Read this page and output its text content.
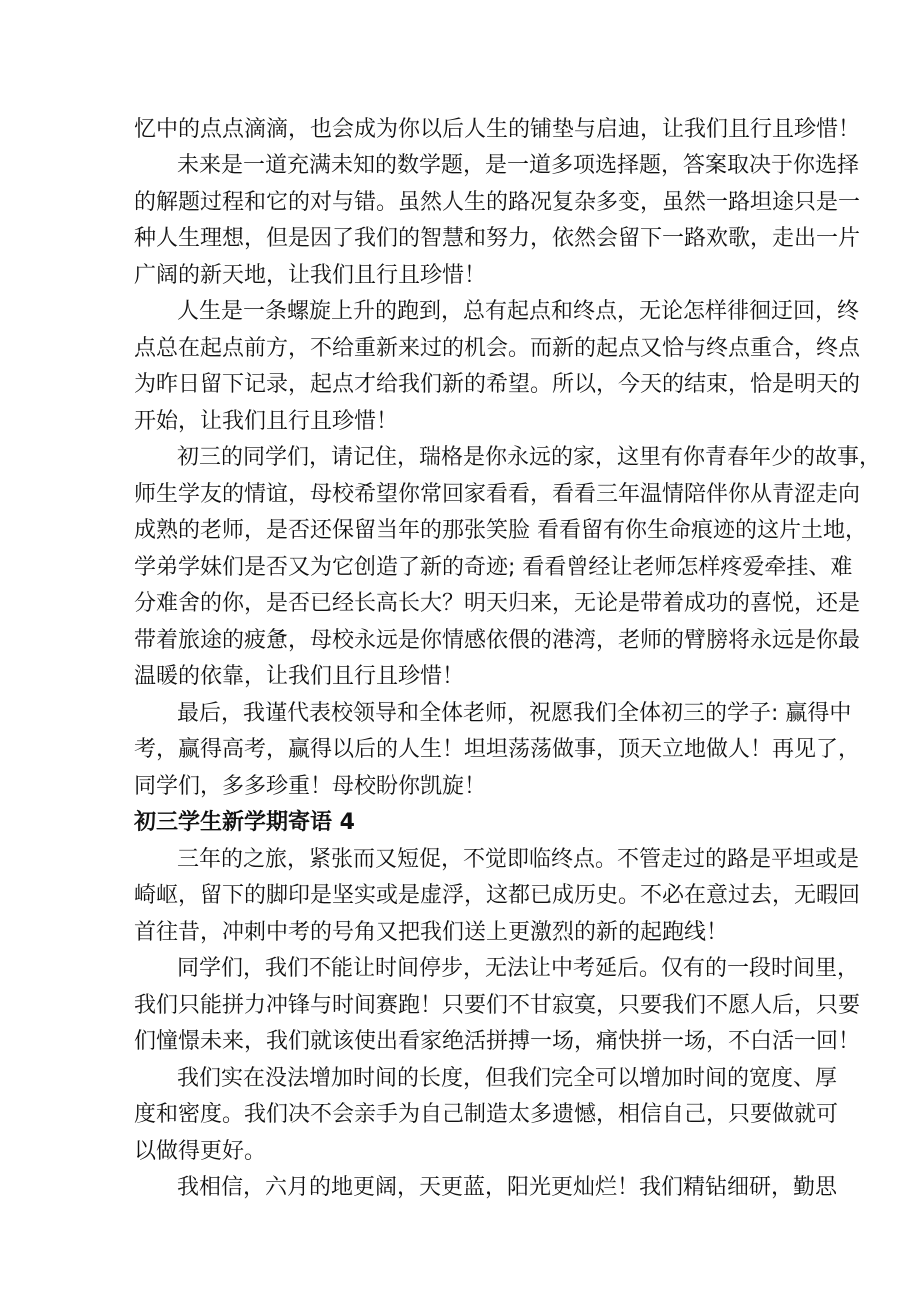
忆中的点点滴滴，也会成为你以后人生的铺垫与启迪，让我们且行且珍惜！
未来是一道充满未知的数学题，是一道多项选择题，答案取决于你选择
的解题过程和它的对与错。虽然人生的路况复杂多变，虽然一路坦途只是一
种人生理想，但是因了我们的智慧和努力，依然会留下一路欢歌，走出一片
广阔的新天地，让我们且行且珍惜！
人生是一条螺旋上升的跑到，总有起点和终点，无论怎样徘徊迂回，终
点总在起点前方，不给重新来过的机会。而新的起点又恰与终点重合，终点
为昨日留下记录，起点才给我们新的希望。所以，今天的结束，恰是明天的
开始，让我们且行且珍惜！
初三的同学们，请记住，瑞格是你永远的家，这里有你青春年少的故事，
师生学友的情谊，母校希望你常回家看看，看看三年温情陪伴你从青涩走向
成熟的老师，是否还保留当年的那张笑脸 看看留有你生命痕迹的这片土地，
学弟学妹们是否又为它创造了新的奇迹; 看看曾经让老师怎样疼爱牵挂、难
分难舍的你，是否已经长高长大？明天归来，无论是带着成功的喜悦，还是
带着旅途的疲惫，母校永远是你情感依偎的港湾，老师的臂膀将永远是你最
温暖的依靠，让我们且行且珍惜！
最后，我谨代表校领导和全体老师，祝愿我们全体初三的学子: 赢得中
考，赢得高考，赢得以后的人生！坦坦荡荡做事，顶天立地做人！再见了，
同学们，多多珍重！母校盼你凯旋！
初三学生新学期寄语 4
三年的之旅，紧张而又短促，不觉即临终点。不管走过的路是平坦或是
崎岖，留下的脚印是坚实或是虚浮，这都已成历史。不必在意过去，无暇回
首往昔，冲刺中考的号角又把我们送上更激烈的新的起跑线！
同学们，我们不能让时间停步，无法让中考延后。仅有的一段时间里，
我们只能拼力冲锋与时间赛跑！只要们不甘寂寞，只要我们不愿人后，只要
们憧憬未来，我们就该使出看家绝活拼搏一场，痛快拼一场，不白活一回！
我们实在没法增加时间的长度，但我们完全可以增加时间的宽度、厚
度和密度。我们决不会亲手为自己制造太多遗憾，相信自己，只要做就可
以做得更好。
我相信，六月的地更阔，天更蓝，阳光更灿烂！我们精钻细研，勤思
